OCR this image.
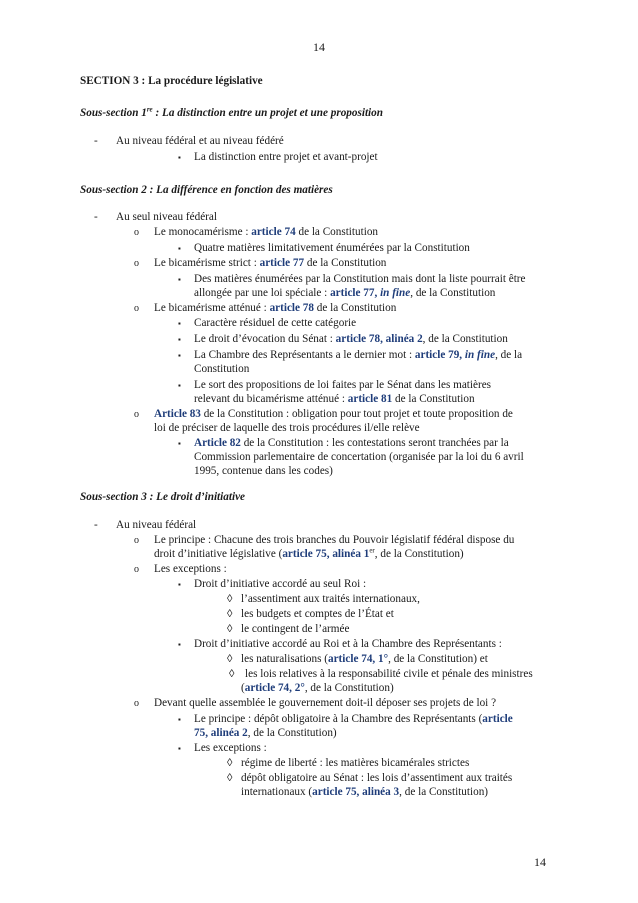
14
SECTION 3 : La procédure législative
Sous-section 1re : La distinction entre un projet et une proposition
- Au niveau fédéral et au niveau fédéré
▪ La distinction entre projet et avant-projet
Sous-section 2 : La différence en fonction des matières
- Au seul niveau fédéral
o Le monocamérisme : article 74 de la Constitution
▪ Quatre matières limitativement énumérées par la Constitution
o Le bicamérisme strict : article 77 de la Constitution
▪ Des matières énumérées par la Constitution mais dont la liste pourrait être
allongée par une loi spéciale : article 77, in fine, de la Constitution
o Le bicamérisme atténué : article 78 de la Constitution
▪ Caractère résiduel de cette catégorie
▪ Le droit d’évocation du Sénat : article 78, alinéa 2, de la Constitution
▪ La Chambre des Représentants a le dernier mot : article 79, in fine, de la
Constitution
▪ Le sort des propositions de loi faites par le Sénat dans les matières
relevant du bicamérisme atténué : article 81 de la Constitution
o Article 83 de la Constitution : obligation pour tout projet et toute proposition de
loi de préciser de laquelle des trois procédures il/elle relève
▪ Article 82 de la Constitution : les contestations seront tranchées par la
Commission parlementaire de concertation (organisée par la loi du 6 avril
1995, contenue dans les codes)
Sous-section 3 : Le droit d’initiative
- Au niveau fédéral
o Le principe : Chacune des trois branches du Pouvoir législatif fédéral dispose du
droit d’initiative législative (article 75, alinéa 1er, de la Constitution)
o Les exceptions :
▪ Droit d’initiative accordé au seul Roi :
◊ l’assentiment aux traités internationaux,
◊ les budgets et comptes de l’État et
◊ le contingent de l’armée
▪ Droit d’initiative accordé au Roi et à la Chambre des Représentants :
◊ les naturalisations (article 74, 1°, de la Constitution) et
◊ les lois relatives à la responsabilité civile et pénale des ministres
(article 74, 2°, de la Constitution)
o Devant quelle assemblée le gouvernement doit-il déposer ses projets de loi ?
▪ Le principe : dépôt obligatoire à la Chambre des Représentants (article
75, alinéa 2, de la Constitution)
▪ Les exceptions :
◊ régime de liberté : les matières bicamérales strictes
◊ dépôt obligatoire au Sénat : les lois d’assentiment aux traités
internationaux (article 75, alinéa 3, de la Constitution)
14
